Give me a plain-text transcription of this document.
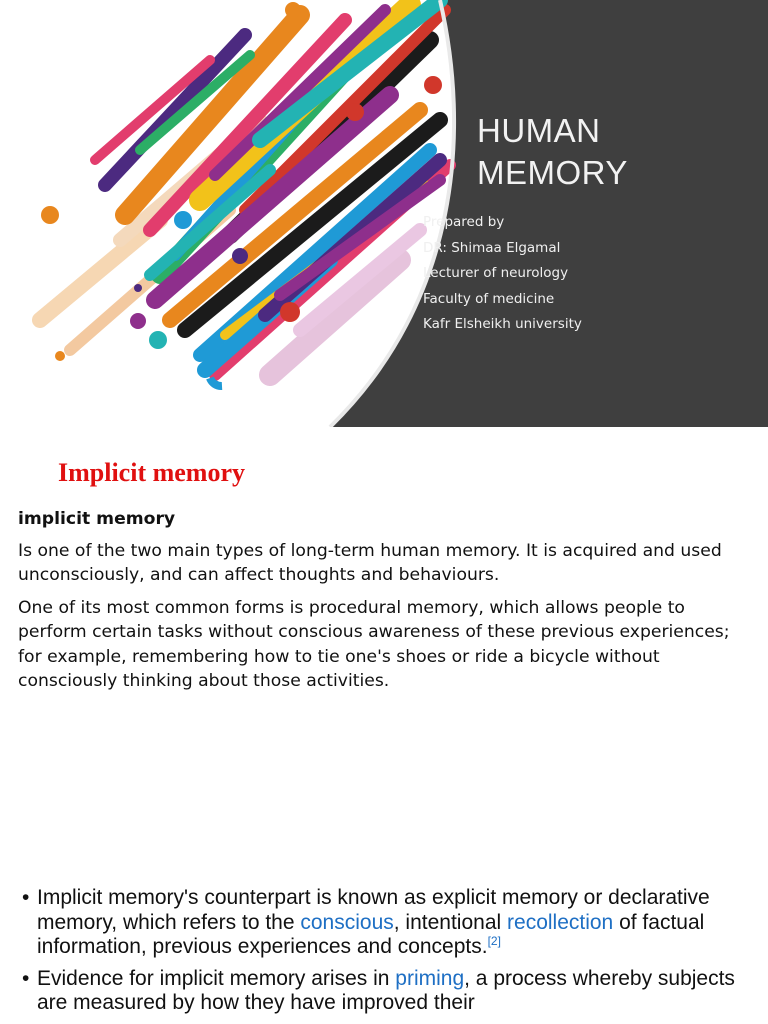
HUMAN
MEMORY
Prepared by
DR: Shimaa Elgamal
Lecturer of neurology
Faculty of medicine
Kafr Elsheikh university
Implicit memory
implicit memory

Is one of the two main types of long-term human memory. It is acquired and used unconsciously, and can affect thoughts and behaviours.

One of its most common forms is procedural memory, which allows people to perform certain tasks without conscious awareness of these previous experiences; for example, remembering how to tie one's shoes or ride a bicycle without consciously thinking about those activities.

• Implicit memory's counterpart is known as explicit memory or declarative memory, which refers to the conscious, intentional recollection of factual information, previous experiences and concepts.[2]
• Evidence for implicit memory arises in priming, a process whereby subjects are measured by how they have improved their
